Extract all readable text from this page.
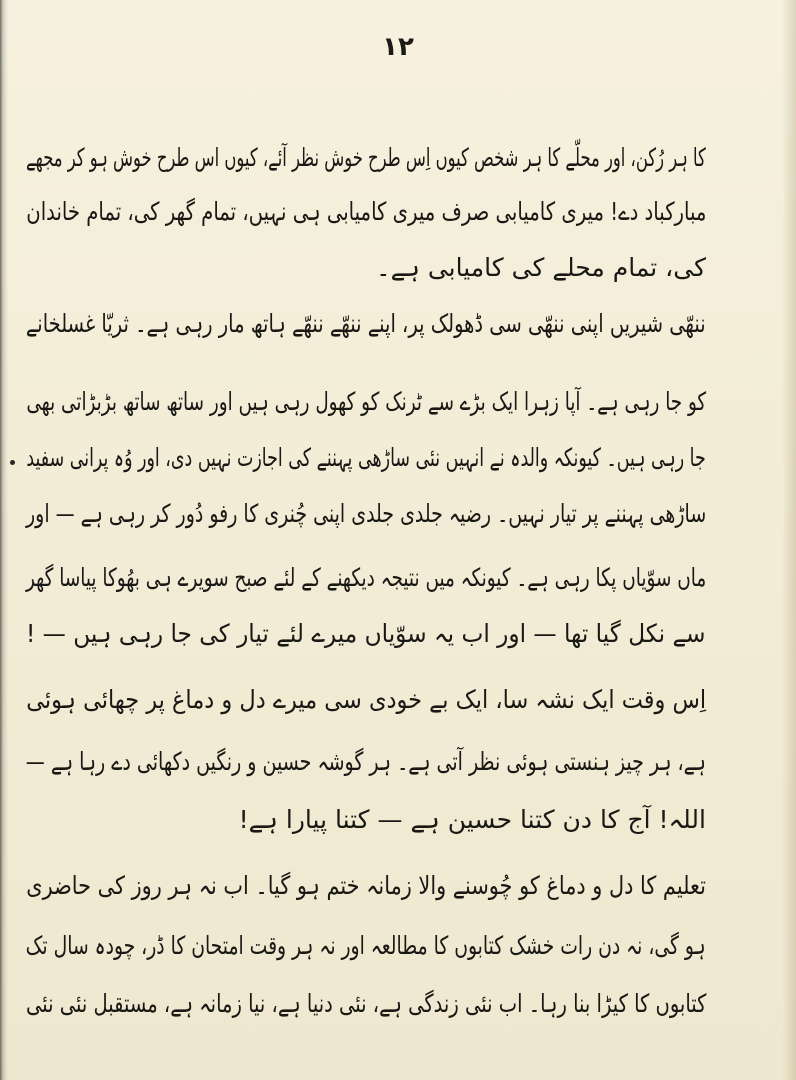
۱۲
کا ہر رُکن، اور محلّے کا ہر شخص کیوں اِس طرح خوش نظر آئے، کیوں اس طرح خوش ہو کر مجھے
مبارکباد دے! میری کامیابی صرف میری کامیابی ہی نہیں، تمام گھر کی، تمام خاندان
کی، تمام محلے کی کامیابی ہے۔
ننھّی شیریں اپنی ننھّی سی ڈھولک پر، اپنے ننھّے ننھّے ہاتھ مار رہی ہے۔ ثریّا غسلخانے
کو جا رہی ہے۔ آپا زہرا ایک بڑے سے ٹرنک کو کھول رہی ہیں اور ساتھ ساتھ بڑبڑاتی بھی
جا رہی ہیں۔ کیونکہ والدہ نے انہیں نئی ساڑھی پہننے کی اجازت نہیں دی، اور وُہ پرانی سفید
ساڑھی پہننے پر تیار نہیں۔ رضیہ جلدی جلدی اپنی چُنری کا رفو دُور کر رہی ہے — اور
ماں سوّیاں پکا رہی ہے۔ کیونکہ میں نتیجہ دیکھنے کے لئے صبح سویرے ہی بھُوکا پیاسا گھر
سے نکل گیا تھا — اور اب یہ سوّیاں میرے لئے تیار کی جا رہی ہیں — !
اِس وقت ایک نشہ سا، ایک بے خودی سی میرے دل و دماغ پر چھائی ہوئی
ہے، ہر چیز ہنستی ہوئی نظر آتی ہے۔ ہر گوشہ حسین و رنگیں دکھائی دے رہا ہے —
اللہ! آج کا دن کتنا حسین ہے — کتنا پیارا ہے!
تعلیم کا دل و دماغ کو چُوسنے والا زمانہ ختم ہو گیا۔ اب نہ ہر روز کی حاضری
ہو گی، نہ دن رات خشک کتابوں کا مطالعہ اور نہ ہر وقت امتحان کا ڈر، چودہ سال تک
کتابوں کا کیڑا بنا رہا۔ اب نئی زندگی ہے، نئی دنیا ہے، نیا زمانہ ہے، مستقبل نئی نئی
